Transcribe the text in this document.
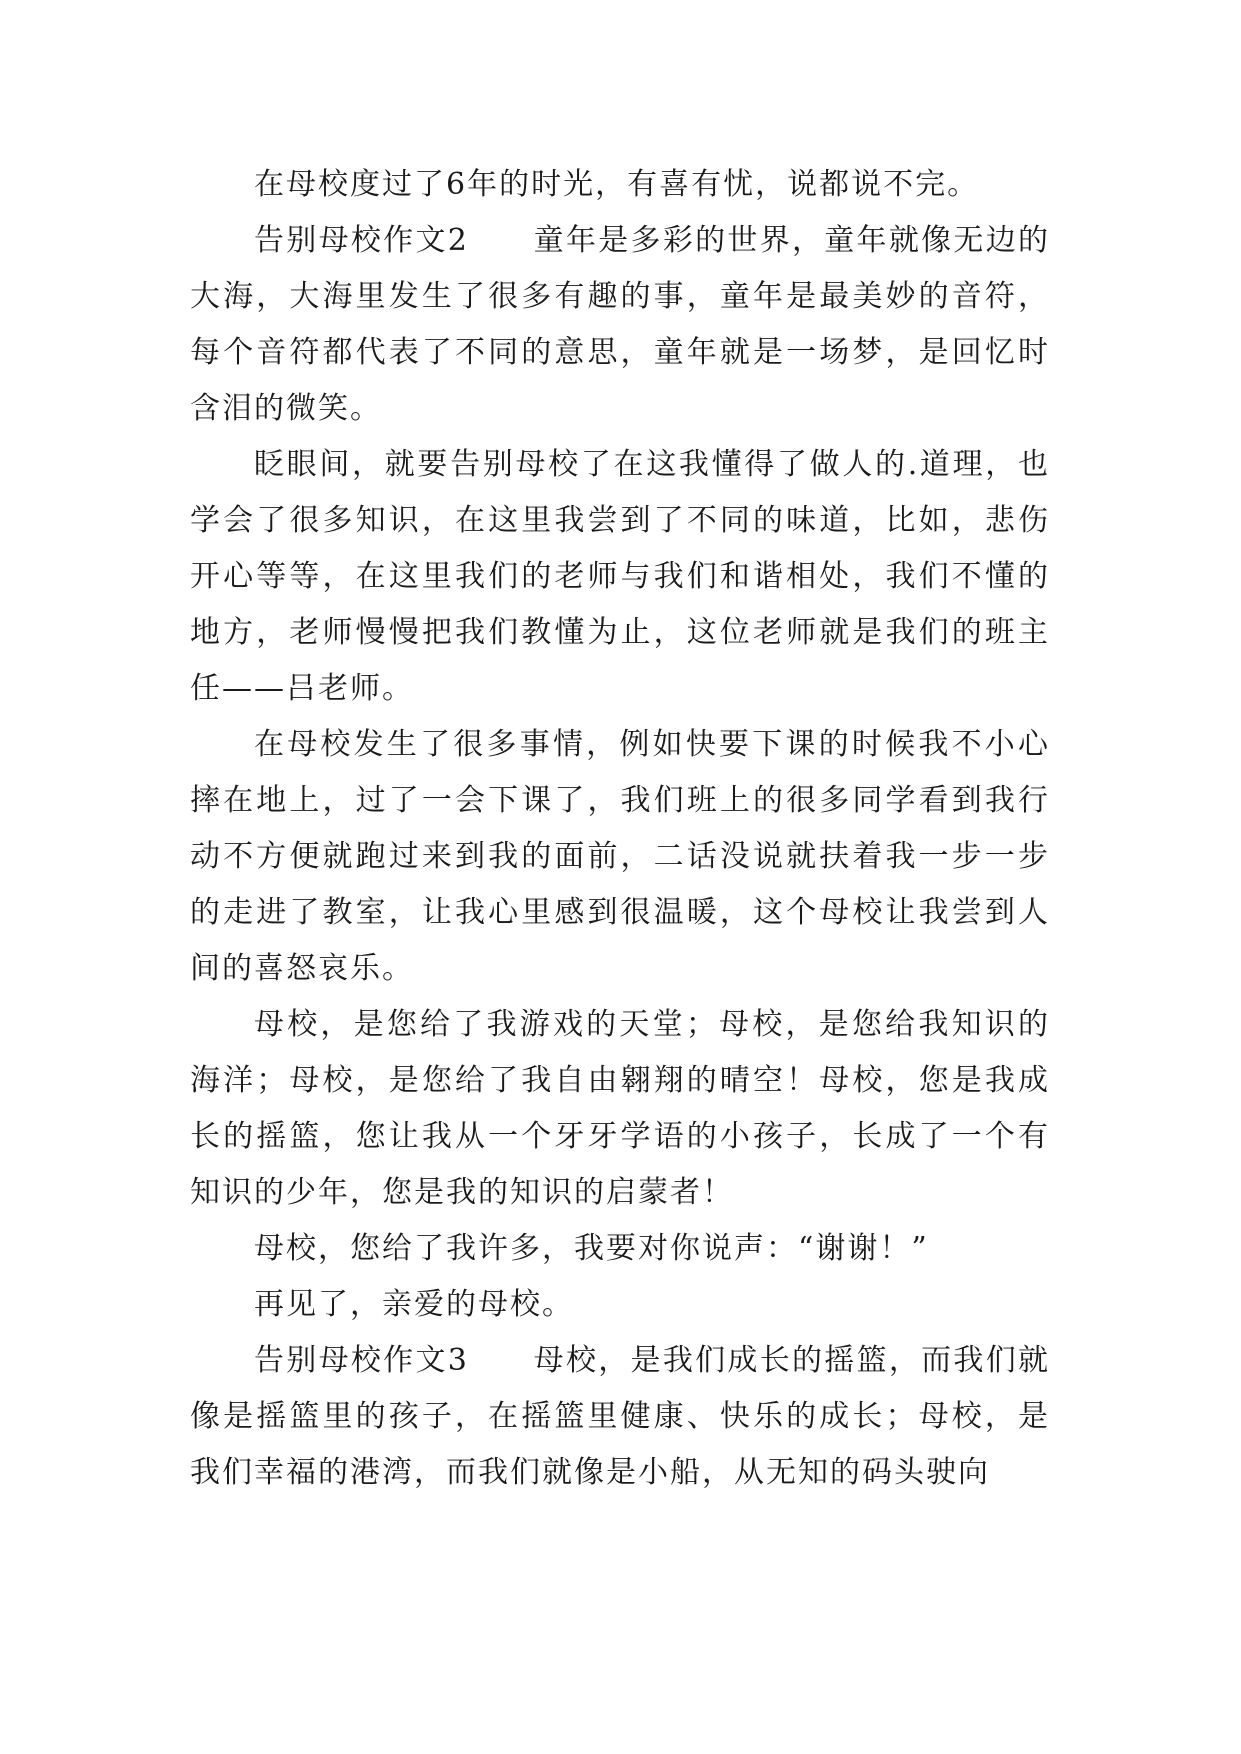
在母校度过了6年的时光，有喜有忧，说都说不完。

告别母校作文2　　童年是多彩的世界，童年就像无边的大海，大海里发生了很多有趣的事，童年是最美妙的音符，每个音符都代表了不同的意思，童年就是一场梦，是回忆时含泪的微笑。

眨眼间，就要告别母校了在这我懂得了做人的.道理，也学会了很多知识，在这里我尝到了不同的味道，比如，悲伤开心等等，在这里我们的老师与我们和谐相处，我们不懂的地方，老师慢慢把我们教懂为止，这位老师就是我们的班主任——吕老师。

在母校发生了很多事情，例如快要下课的时候我不小心摔在地上，过了一会下课了，我们班上的很多同学看到我行动不方便就跑过来到我的面前，二话没说就扶着我一步一步的走进了教室，让我心里感到很温暖，这个母校让我尝到人间的喜怒哀乐。

母校，是您给了我游戏的天堂；母校，是您给我知识的海洋；母校，是您给了我自由翱翔的晴空！母校，您是我成长的摇篮，您让我从一个牙牙学语的小孩子，长成了一个有知识的少年，您是我的知识的启蒙者！

母校，您给了我许多，我要对你说声：“谢谢！”

再见了，亲爱的母校。

告别母校作文3　　母校，是我们成长的摇篮，而我们就像是摇篮里的孩子，在摇篮里健康、快乐的成长；母校，是我们幸福的港湾，而我们就像是小船，从无知的码头驶向
